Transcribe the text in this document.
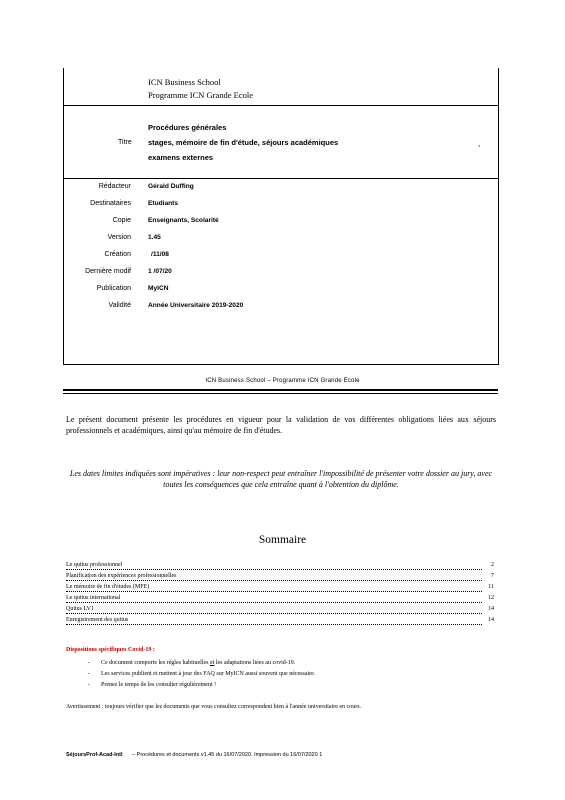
ICN Business School
Programme ICN Grande Ecole
Titre
Procédures générales
stages, mémoire de fin d'étude, séjours académiques
examens externes
,
Rédacteur	Gérald Duffing
Destinataires	Etudiants
Copie	Enseignants, Scolarité
Version	1.45
Création	/11/08
Dernière modif	1 /07/20
Publication	MyICN
Validité	Année Universitaire 2019-2020
ICN Business School – Programme ICN Grande Ecole
Le présent document présente les procédures en vigueur pour la validation de vos différentes obligations liées aux séjours professionnels et académiques, ainsi qu'au mémoire de fin d'études.
Les dates limites indiquées sont impératives : leur non-respect peut entraîner l'impossibilité de présenter votre dossier au jury, avec toutes les conséquences que cela entraîne quant à l'obtention du diplôme.
Sommaire
Le quitus professionnel	2
Planification des expériences professionnelles	7
Le mémoire de fin d'études (MFE)	11
Le quitus international	12
Quitus LV1	14
Enregistrement des quitus	14
Dispositions spécifiques Covid-19 :
- Ce document comporte les règles habituelles et les adaptations liées au covid-19.
- Les services publient et mettent à jour des FAQ sur MyICN aussi souvent que nécessaire.
- Prenez le temps de les consulter régulièrement !
Avertissement : toujours vérifier que les documents que vous consultez correspondent bien à l'année universitaire en cours.
SéjoursProf-Acad-Intl – Procédures et documents v1.45 du 16/07/2020. Impression du 16/07/2020 1
